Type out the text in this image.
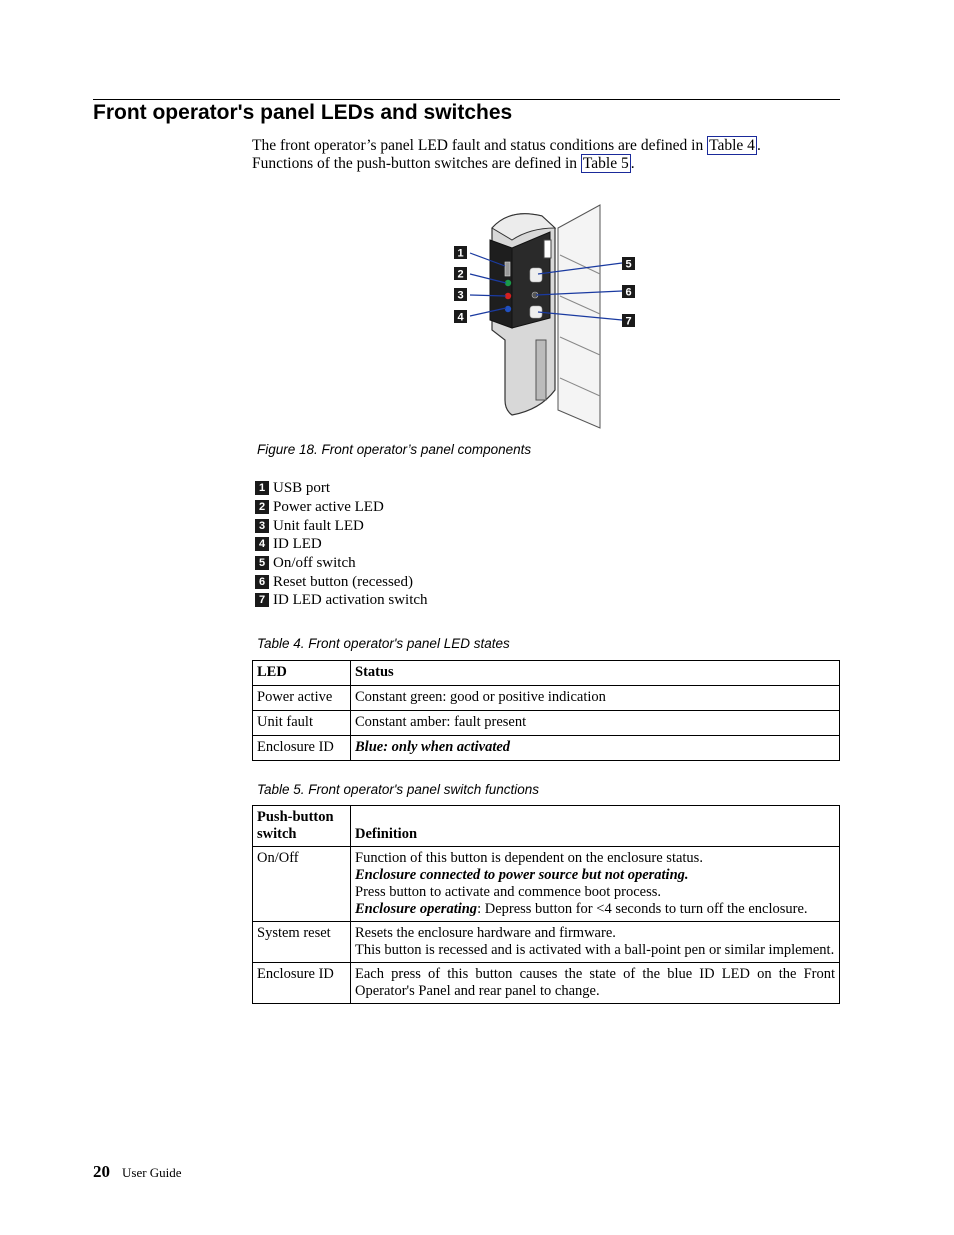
Front operator's panel LEDs and switches
The front operator’s panel LED fault and status conditions are defined in Table 4 .
Functions of the push-button switches are defined in Table 5 .
1
2
3
4
5
6
7
Figure 18. Front operator’s panel components
1 USB port
2 Power active LED
3 Unit fault LED
4 ID LED
5 On/off switch
6 Reset button (recessed)
7 ID LED activation switch
Table 4. Front operator's panel LED states
LED	Status
Power active	Constant green: good or positive indication
Unit fault	Constant amber: fault present
Enclosure ID	Blue: only when activated
Table 5. Front operator's panel switch functions
Push-button switch	Definition
On/Off	Function of this button is dependent on the enclosure status.

Enclosure connected to power source but not operating.

Press button to activate and commence boot process.

Enclosure operating: Depress button for <4 seconds to turn off the enclosure.

System reset	Resets the enclosure hardware and firmware.

This button is recessed and is activated with a ball-point pen or similar implement.

Enclosure ID	Each press of this button causes the state of the blue ID LED on the Front Operator's Panel and rear panel to change.

20 User Guide
